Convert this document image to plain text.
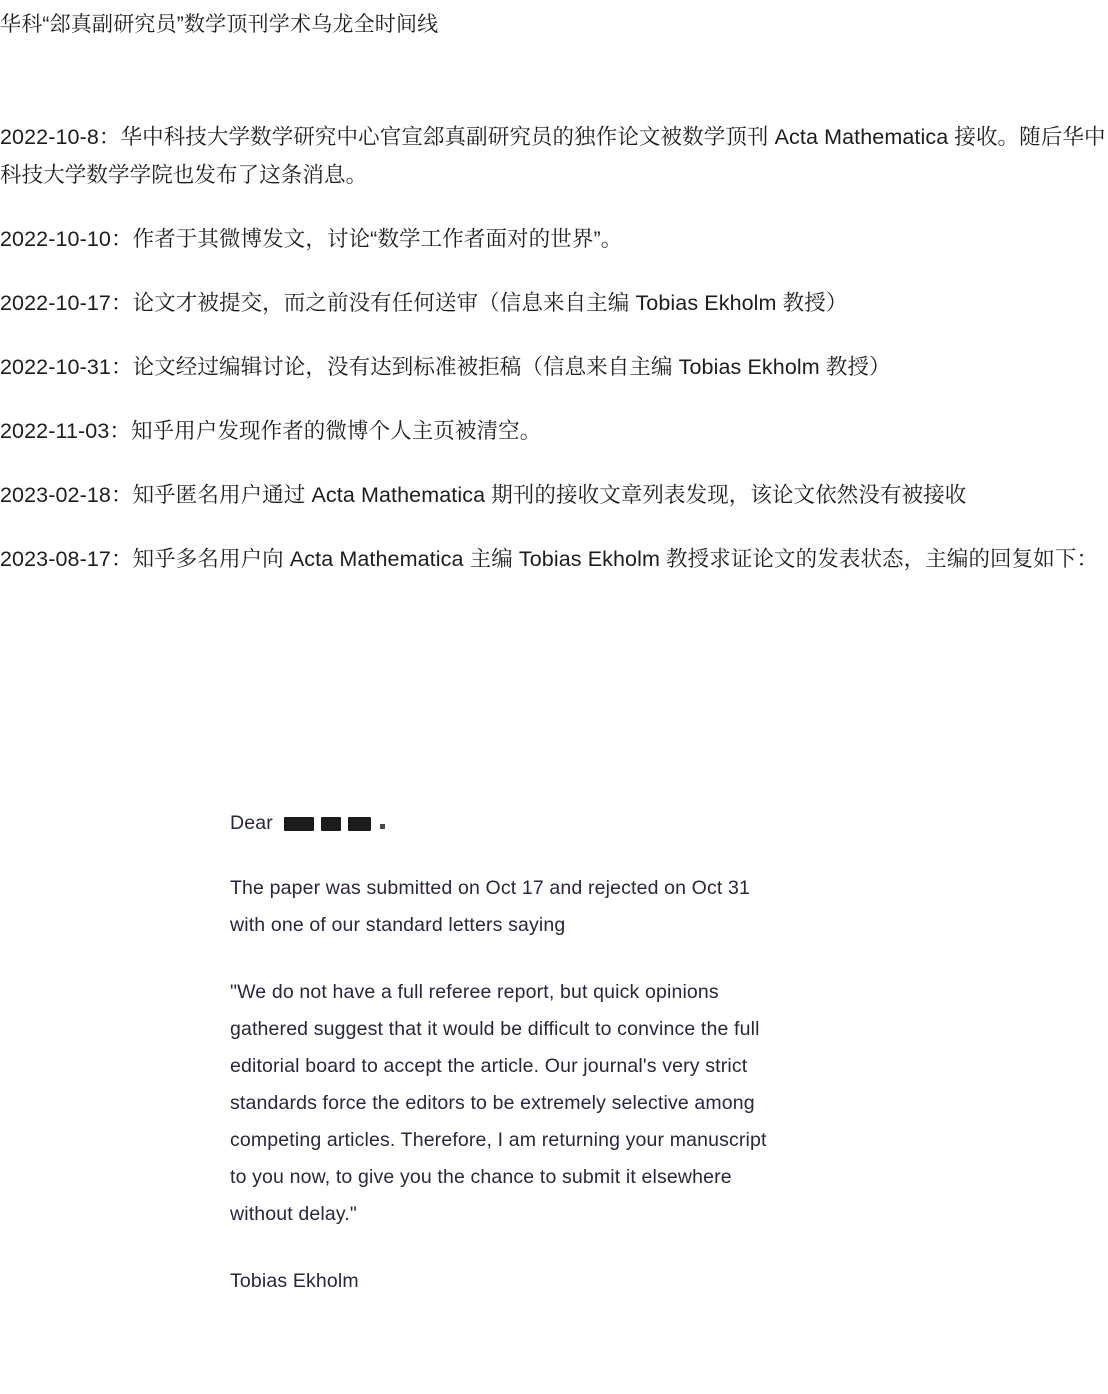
华科“郐真副研究员”数学顶刊学术乌龙全时间线
2022-10-8：华中科技大学数学研究中心官宣郐真副研究员的独作论文被数学顶刊 Acta Mathematica 接收。随后华中科技大学数学学院也发布了这条消息。
2022-10-10：作者于其微博发文，讨论“数学工作者面对的世界”。
2022-10-17：论文才被提交，而之前没有任何送审（信息来自主编 Tobias Ekholm 教授）
2022-10-31：论文经过编辑讨论，没有达到标准被拒稿（信息来自主编 Tobias Ekholm 教授）
2022-11-03：知乎用户发现作者的微博个人主页被清空。
2023-02-18：知乎匿名用户通过 Acta Mathematica 期刊的接收文章列表发现，该论文依然没有被接收
2023-08-17：知乎多名用户向 Acta Mathematica 主编 Tobias Ekholm 教授求证论文的发表状态，主编的回复如下：

Dear

The paper was submitted on Oct 17 and rejected on Oct 31 with one of our standard letters saying

"We do not have a full referee report, but quick opinions gathered suggest that it would be difficult to convince the full editorial board to accept the article. Our journal's very strict standards force the editors to be extremely selective among competing articles. Therefore, I am returning your manuscript to you now, to give you the chance to submit it elsewhere without delay."

Tobias Ekholm
